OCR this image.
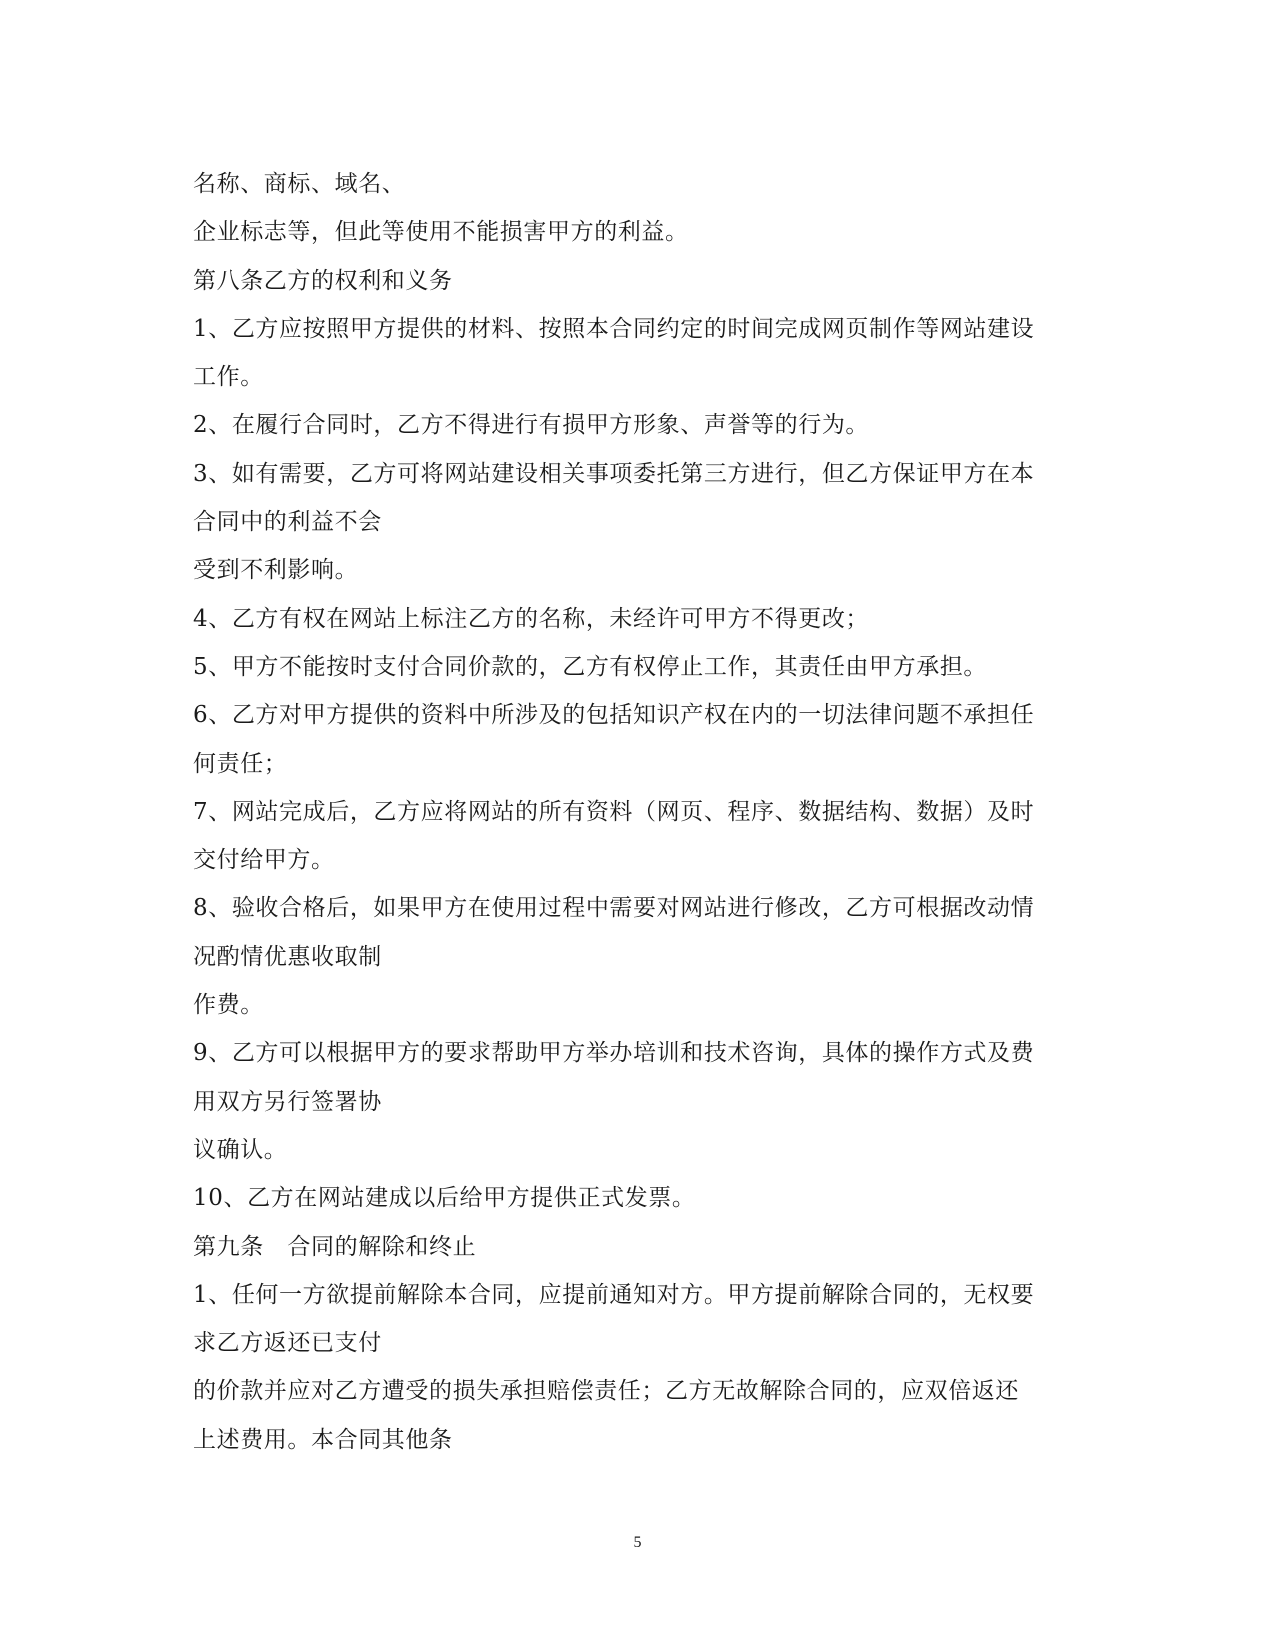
名称、商标、域名、
企业标志等，但此等使用不能损害甲方的利益。
第八条乙方的权利和义务
1、乙方应按照甲方提供的材料、按照本合同约定的时间完成网页制作等网站建设
工作。
2、在履行合同时，乙方不得进行有损甲方形象、声誉等的行为。
3、如有需要，乙方可将网站建设相关事项委托第三方进行，但乙方保证甲方在本
合同中的利益不会
受到不利影响。
4、乙方有权在网站上标注乙方的名称，未经许可甲方不得更改；
5、甲方不能按时支付合同价款的，乙方有权停止工作，其责任由甲方承担。
6、乙方对甲方提供的资料中所涉及的包括知识产权在内的一切法律问题不承担任
何责任；
7、网站完成后，乙方应将网站的所有资料（网页、程序、数据结构、数据）及时
交付给甲方。
8、验收合格后，如果甲方在使用过程中需要对网站进行修改，乙方可根据改动情
况酌情优惠收取制
作费。
9、乙方可以根据甲方的要求帮助甲方举办培训和技术咨询，具体的操作方式及费
用双方另行签署协
议确认。
10、乙方在网站建成以后给甲方提供正式发票。
第九条　合同的解除和终止
1、任何一方欲提前解除本合同，应提前通知对方。甲方提前解除合同的，无权要
求乙方返还已支付
的价款并应对乙方遭受的损失承担赔偿责任；乙方无故解除合同的，应双倍返还
上述费用。本合同其他条
5
